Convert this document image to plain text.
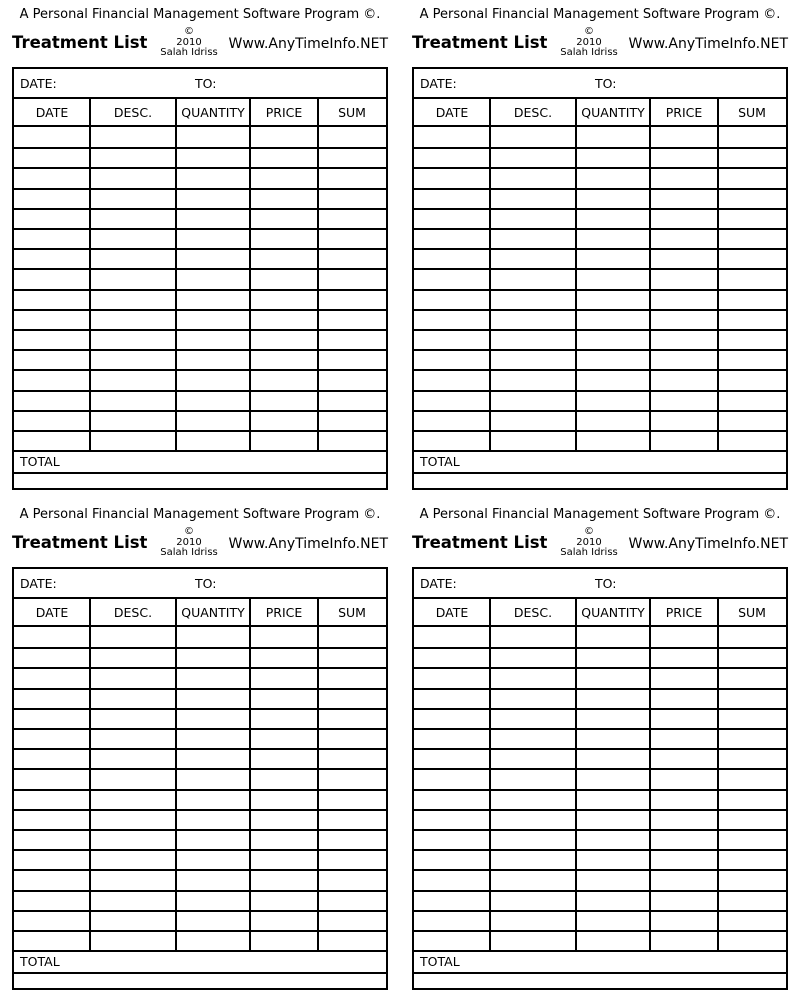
A Personal Financial Management Software Program ©.
Treatment List
©
2010
Salah Idriss
Www.AnyTimeInfo.NET
DATE:	TO:
DATE	DESC.	QUANTITY	PRICE	SUM
TOTAL
A Personal Financial Management Software Program ©.
Treatment List
©
2010
Salah Idriss
Www.AnyTimeInfo.NET
DATE:	TO:
DATE	DESC.	QUANTITY	PRICE	SUM
TOTAL
A Personal Financial Management Software Program ©.
Treatment List
©
2010
Salah Idriss
Www.AnyTimeInfo.NET
DATE:	TO:
DATE	DESC.	QUANTITY	PRICE	SUM
TOTAL
A Personal Financial Management Software Program ©.
Treatment List
©
2010
Salah Idriss
Www.AnyTimeInfo.NET
DATE:	TO:
DATE	DESC.	QUANTITY	PRICE	SUM
TOTAL
